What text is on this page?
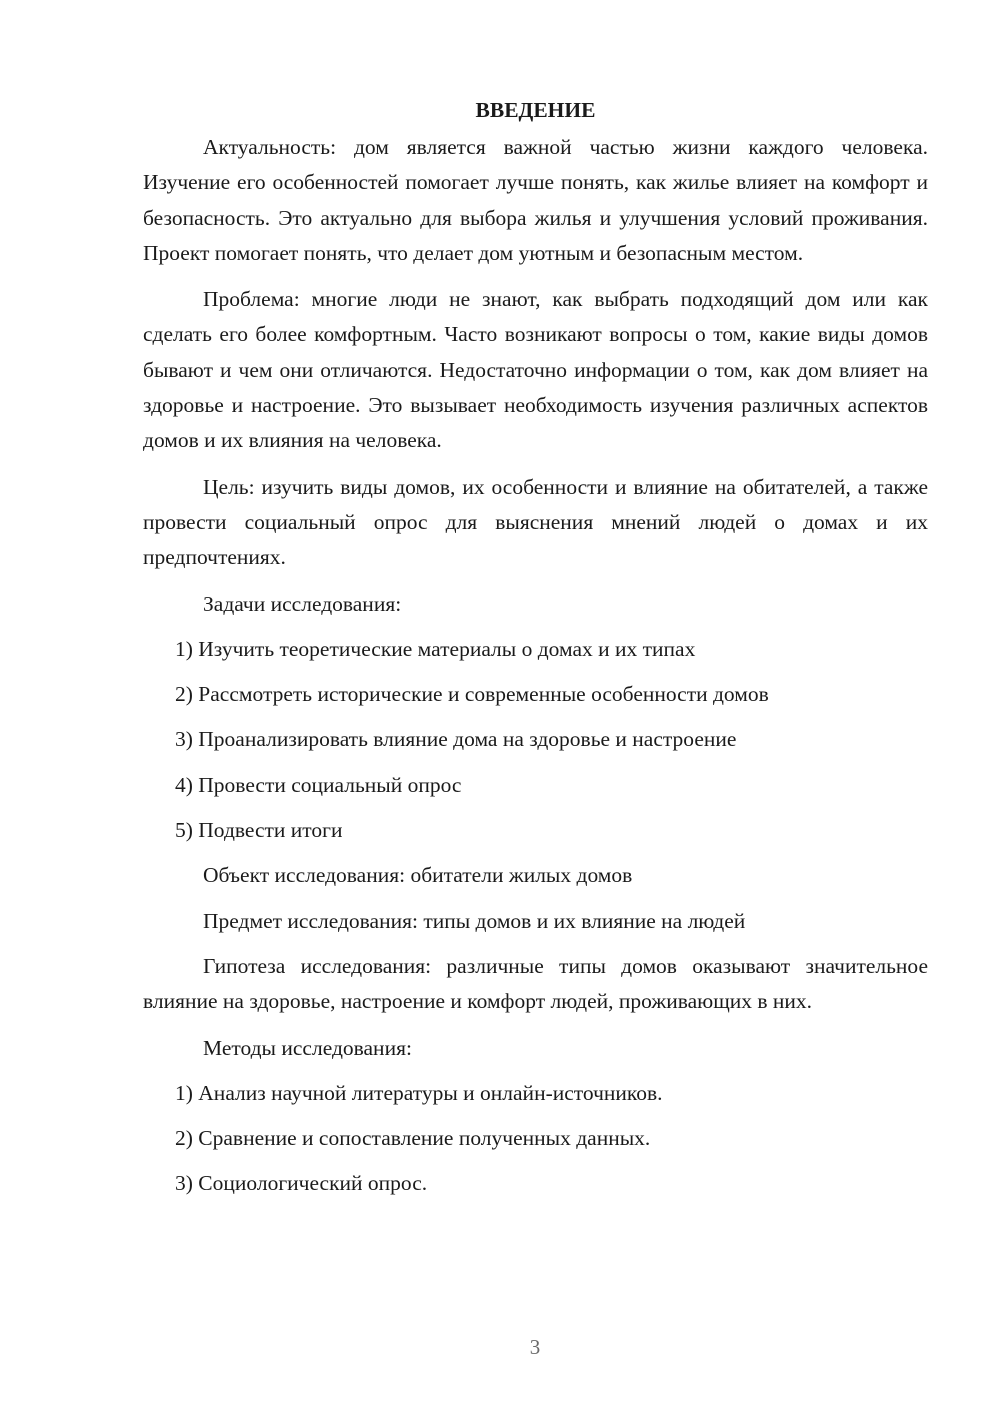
ВВЕДЕНИЕ

Актуальность: дом является важной частью жизни каждого человека. Изучение его особенностей помогает лучше понять, как жилье влияет на комфорт и безопасность. Это актуально для выбора жилья и улучшения условий проживания. Проект помогает понять, что делает дом уютным и безопасным местом.

Проблема: многие люди не знают, как выбрать подходящий дом или как сделать его более комфортным. Часто возникают вопросы о том, какие виды домов бывают и чем они отличаются. Недостаточно информации о том, как дом влияет на здоровье и настроение. Это вызывает необходимость изучения различных аспектов домов и их влияния на человека.

Цель: изучить виды домов, их особенности и влияние на обитателей, а также провести социальный опрос для выяснения мнений людей о домах и их предпочтениях.

Задачи исследования:
1) Изучить теоретические материалы о домах и их типах
2) Рассмотреть исторические и современные особенности домов
3) Проанализировать влияние дома на здоровье и настроение
4) Провести социальный опрос
5) Подвести итоги
Объект исследования: обитатели жилых домов
Предмет исследования: типы домов и их влияние на людей

Гипотеза исследования: различные типы домов оказывают значительное влияние на здоровье, настроение и комфорт людей, проживающих в них.

Методы исследования:
1) Анализ научной литературы и онлайн-источников.
2) Сравнение и сопоставление полученных данных.
3) Социологический опрос.
3
